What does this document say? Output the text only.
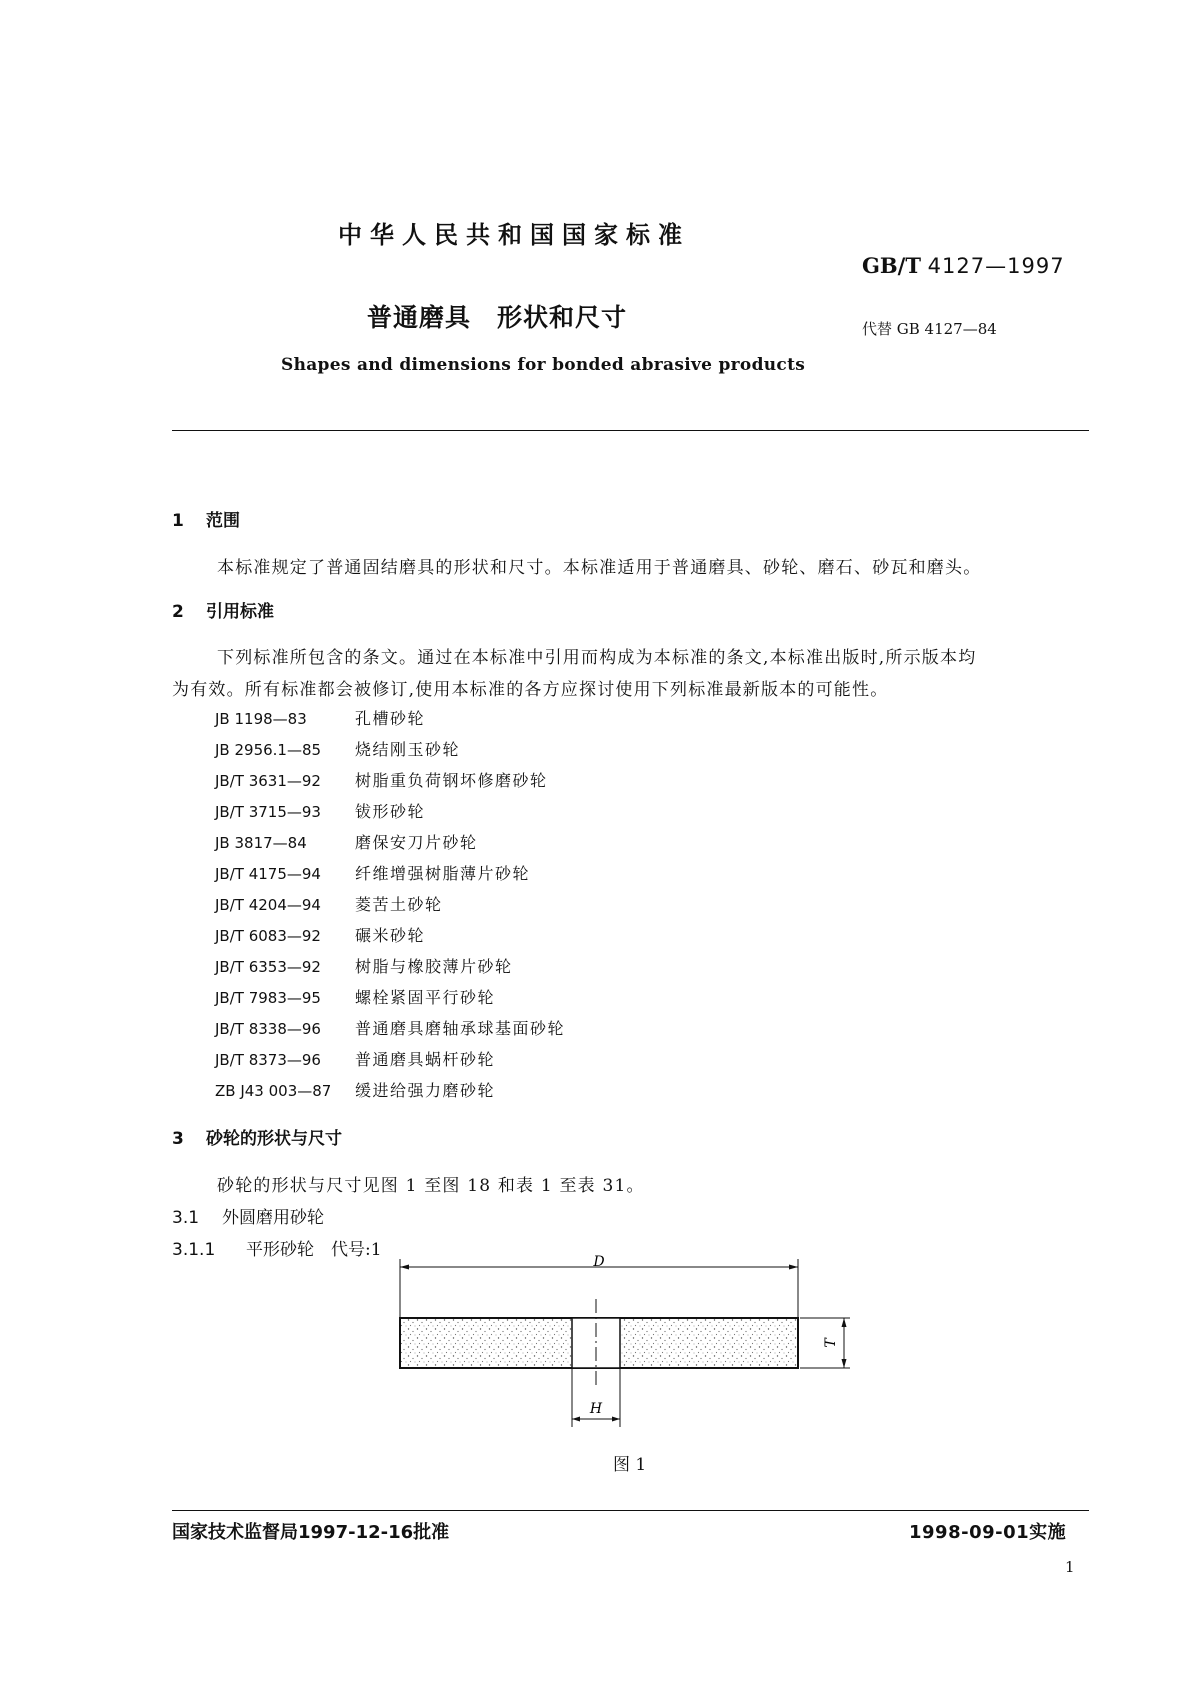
中华人民共和国国家标准
GB/T 4127—1997
普通磨具　形状和尺寸	代替 GB 4127—84
Shapes and dimensions for bonded abrasive products
1 范围
本标准规定了普通固结磨具的形状和尺寸。本标准适用于普通磨具、砂轮、磨石、砂瓦和磨头。
2 引用标准
下列标准所包含的条文。通过在本标准中引用而构成为本标准的条文,本标准出版时,所示版本均
为有效。所有标准都会被修订,使用本标准的各方应探讨使用下列标准最新版本的可能性。
JB 1198—83	孔槽砂轮
JB 2956.1—85 烧结刚玉砂轮
JB/T 3631—92 树脂重负荷钢坏修磨砂轮
JB/T 3715—93 钹形砂轮
JB 3817—84	磨保安刀片砂轮
JB/T 4175—94 纤维增强树脂薄片砂轮
JB/T 4204—94 菱苦土砂轮
JB/T 6083—92 碾米砂轮
JB/T 6353—92 树脂与橡胶薄片砂轮
JB/T 7983—95 螺栓紧固平行砂轮
JB/T 8338—96 普通磨具磨轴承球基面砂轮
JB/T 8373—96 普通磨具蜗杆砂轮
ZB J43 003—87 缓进给强力磨砂轮
3 砂轮的形状与尺寸
砂轮的形状与尺寸见图 1 至图 18 和表 1 至表 31。
3.1 外圆磨用砂轮
3.1.1 平形砂轮　代号:1
D
T
H
图 1
国家技术监督局1997-12-16批准	1998-09-01实施
1
